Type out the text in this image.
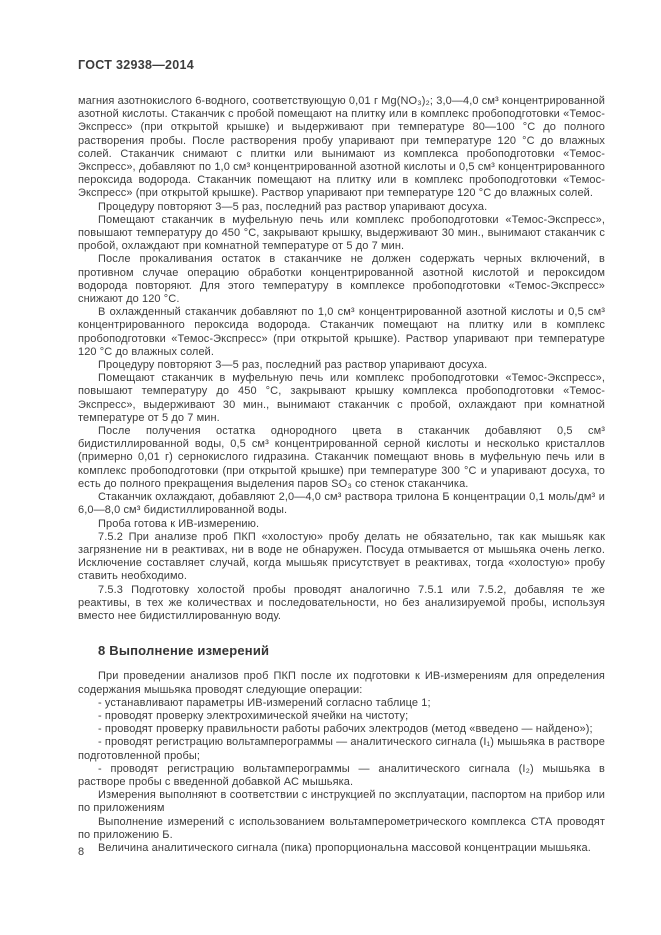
ГОСТ 32938—2014

магния азотнокислого 6-водного, соответствующую 0,01 г Mg(NO₃)₂; 3,0—4,0 см³ концентрированной азотной кислоты. Стаканчик с пробой помещают на плитку или в комплекс пробоподготовки «Темос-Экспресс» (при открытой крышке) и выдерживают при температуре 80—100 °С до полного растворения пробы. После растворения пробу упаривают при температуре 120 °С до влажных солей. Стаканчик снимают с плитки или вынимают из комплекса пробоподготовки «Темос-Экспресс», добавляют по 1,0 см³ концентрированной азотной кислоты и 0,5 см³ концентрированного пероксида водорода. Стаканчик помещают на плитку или в комплекс пробоподготовки «Темос-Экспресс» (при открытой крышке). Раствор упаривают при температуре 120 °С до влажных солей.

Процедуру повторяют 3—5 раз, последний раз раствор упаривают досуха.

Помещают стаканчик в муфельную печь или комплекс пробоподготовки «Темос-Экспресс», повышают температуру до 450 °С, закрывают крышку, выдерживают 30 мин., вынимают стаканчик с пробой, охлаждают при комнатной температуре от 5 до 7 мин.

После прокаливания остаток в стаканчике не должен содержать черных включений, в противном случае операцию обработки концентрированной азотной кислотой и пероксидом водорода повторяют. Для этого температуру в комплексе пробоподготовки «Темос-Экспресс» снижают до 120 °С.

В охлажденный стаканчик добавляют по 1,0 см³ концентрированной азотной кислоты и 0,5 см³ концентрированного пероксида водорода. Стаканчик помещают на плитку или в комплекс пробоподготовки «Темос-Экспресс» (при открытой крышке). Раствор упаривают при температуре 120 °С до влажных солей.

Процедуру повторяют 3—5 раз, последний раз раствор упаривают досуха.

Помещают стаканчик в муфельную печь или комплекс пробоподготовки «Темос-Экспресс», повышают температуру до 450 °С, закрывают крышку комплекса пробоподготовки «Темос-Экспресс», выдерживают 30 мин., вынимают стаканчик с пробой, охлаждают при комнатной температуре от 5 до 7 мин.

После получения остатка однородного цвета в стаканчик добавляют 0,5 см³ бидистиллированной воды, 0,5 см³ концентрированной серной кислоты и несколько кристаллов (примерно 0,01 г) сернокислого гидразина. Стаканчик помещают вновь в муфельную печь или в комплекс пробоподготовки (при открытой крышке) при температуре 300 °С и упаривают досуха, то есть до полного прекращения выделения паров SO₃ со стенок стаканчика.

Стаканчик охлаждают, добавляют 2,0—4,0 см³ раствора трилона Б концентрации 0,1 моль/дм³ и 6,0—8,0 см³ бидистиллированной воды.

Проба готова к ИВ-измерению.

7.5.2 При анализе проб ПКП «холостую» пробу делать не обязательно, так как мышьяк как загрязнение ни в реактивах, ни в воде не обнаружен. Посуда отмывается от мышьяка очень легко. Исключение составляет случай, когда мышьяк присутствует в реактивах, тогда «холостую» пробу ставить необходимо.

7.5.3 Подготовку холостой пробы проводят аналогично 7.5.1 или 7.5.2, добавляя те же реактивы, в тех же количествах и последовательности, но без анализируемой пробы, используя вместо нее бидистиллированную воду.

8 Выполнение измерений

При проведении анализов проб ПКП после их подготовки к ИВ-измерениям для определения содержания мышьяка проводят следующие операции:

- устанавливают параметры ИВ-измерений согласно таблице 1;

- проводят проверку электрохимической ячейки на чистоту;

- проводят проверку правильности работы рабочих электродов (метод «введено — найдено»);

- проводят регистрацию вольтамперограммы — аналитического сигнала (I₁) мышьяка в растворе подготовленной пробы;

- проводят регистрацию вольтамперограммы — аналитического сигнала (I₂) мышьяка в растворе пробы с введенной добавкой АС мышьяка.

Измерения выполняют в соответствии с инструкцией по эксплуатации, паспортом на прибор или по приложениям

Выполнение измерений с использованием вольтамперометрического комплекса СТА проводят по приложению Б.

Величина аналитического сигнала (пика) пропорциональна массовой концентрации мышьяка.

8
